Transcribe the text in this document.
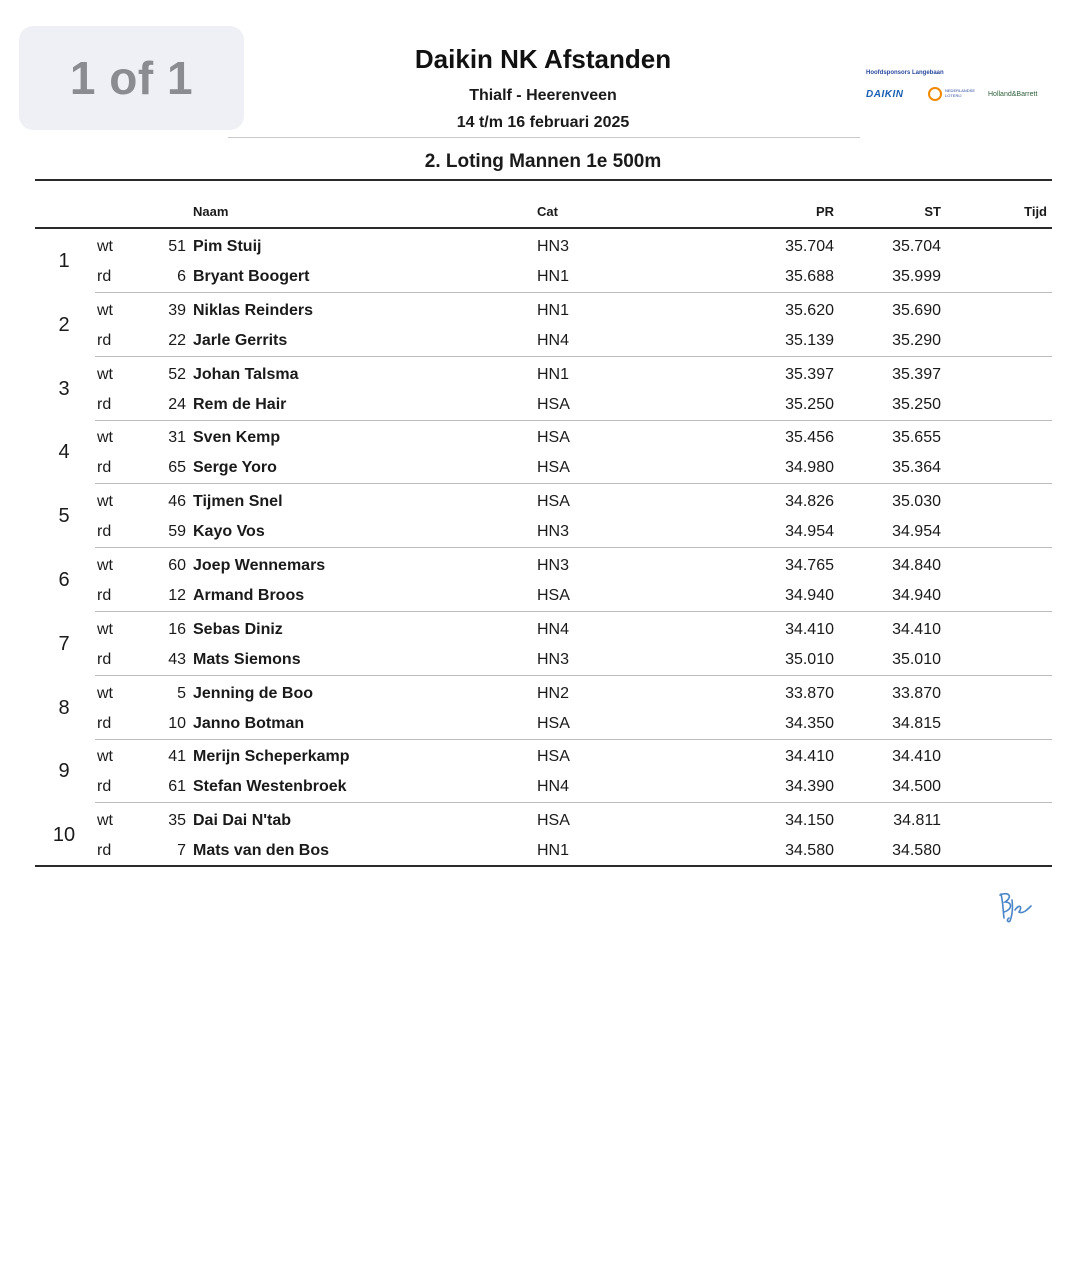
1 of 1	Daikin NK Afstanden
Thialf - Heerenveen
14 t/m 16 februari 2025
Hoofdsponsors Langebaan
DAIKIN	NEDERLANDSE LOTERIJ	Holland&Barrett
2. Loting Mannen 1e 500m
Naam	Cat	PR	ST	Tijd
1
wt	51 Pim Stuij	HN3	35.704	35.704
rd	6 Bryant Boogert	HN1	35.688	35.999
2
wt	39 Niklas Reinders	HN1	35.620	35.690
rd	22 Jarle Gerrits	HN4	35.139	35.290
3
wt	52 Johan Talsma	HN1	35.397	35.397
rd	24 Rem de Hair	HSA	35.250	35.250
4
wt	31 Sven Kemp	HSA	35.456	35.655
rd	65 Serge Yoro	HSA	34.980	35.364
5
wt	46 Tijmen Snel	HSA	34.826	35.030
rd	59 Kayo Vos	HN3	34.954	34.954
6
wt	60 Joep Wennemars	HN3	34.765	34.840
rd	12 Armand Broos	HSA	34.940	34.940
7
wt	16 Sebas Diniz	HN4	34.410	34.410
rd	43 Mats Siemons	HN3	35.010	35.010
8
wt	5 Jenning de Boo	HN2	33.870	33.870
rd	10 Janno Botman	HSA	34.350	34.815
9
wt	41 Merijn Scheperkamp	HSA	34.410	34.410
rd	61 Stefan Westenbroek	HN4	34.390	34.500
10
wt	35 Dai Dai N'tab	HSA	34.150	34.811
rd	7 Mats van den Bos	HN1	34.580	34.580
